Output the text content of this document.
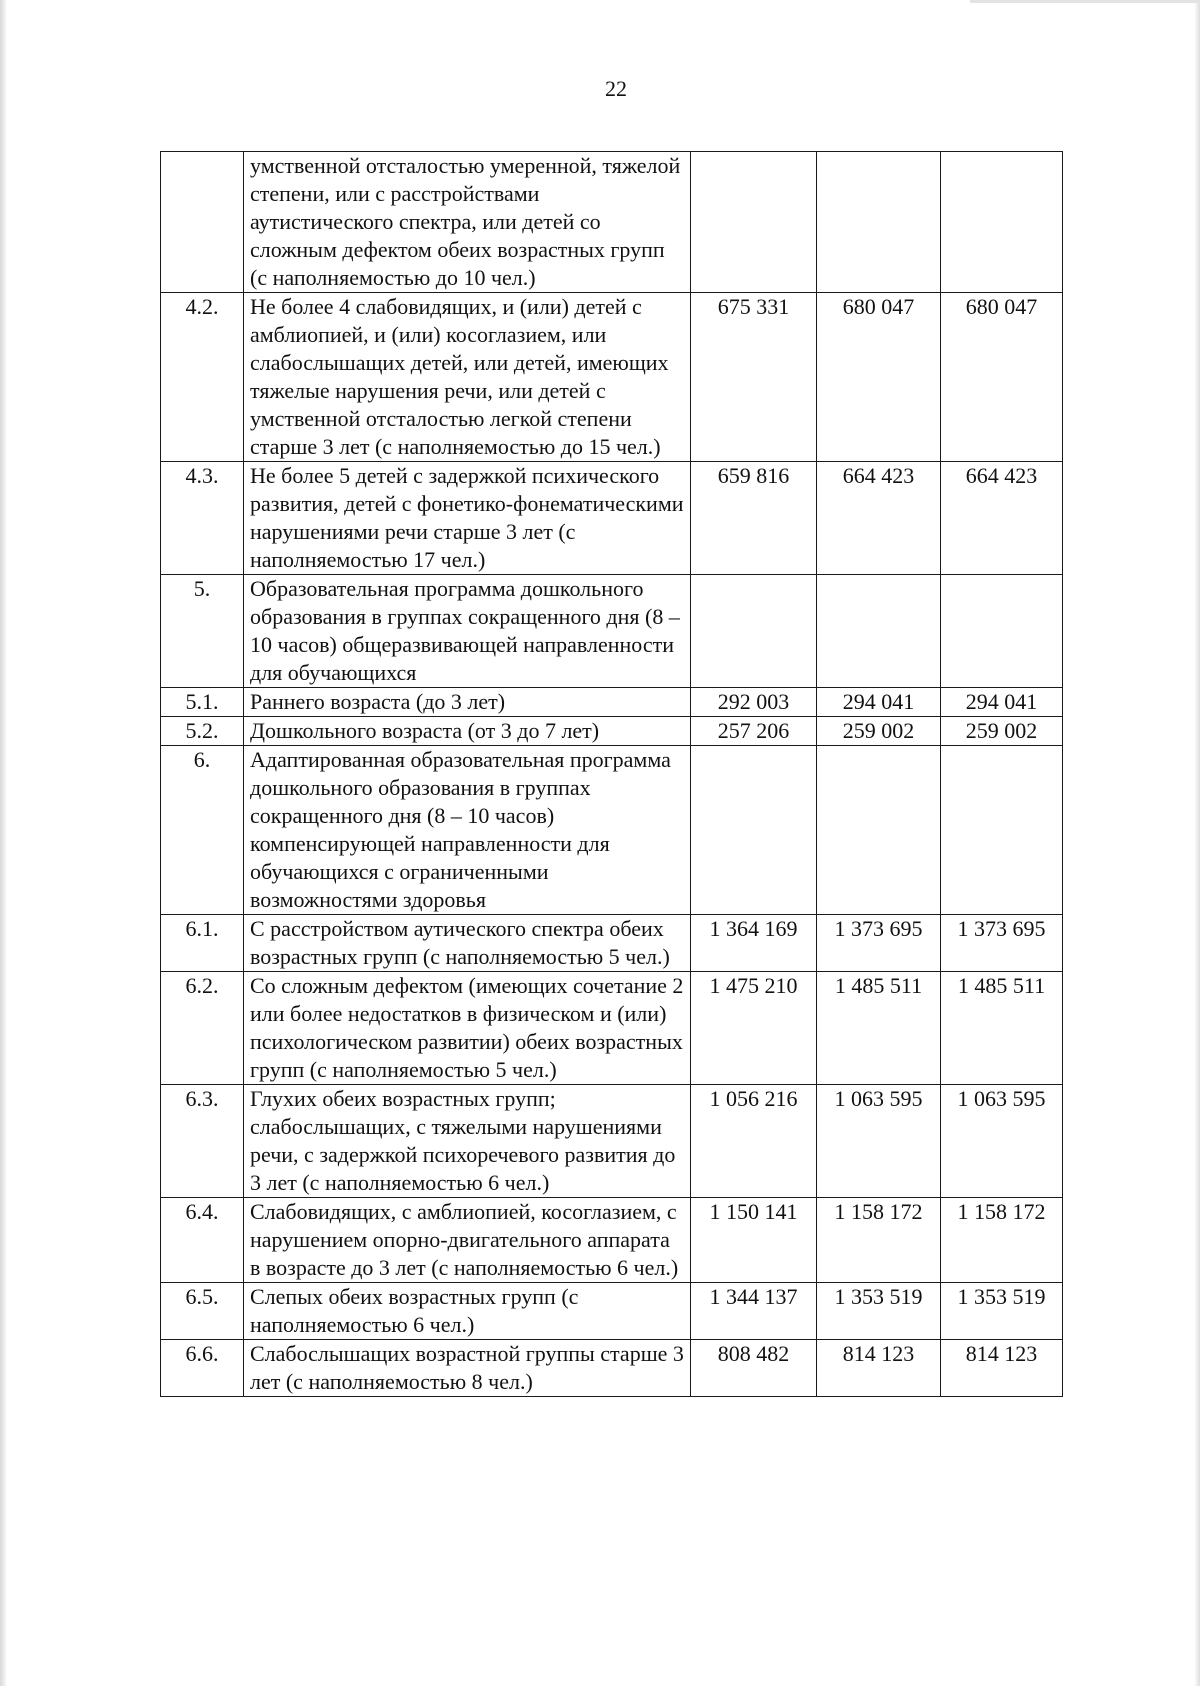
22
	умственной отсталостью умеренной, тяжелой степени, или с расстройствами аутистического спектра, или детей со сложным дефектом обеих возрастных групп (с наполняемостью до 10 чел.)			
4.2.	Не более 4 слабовидящих, и (или) детей с амблиопией, и (или) косоглазием, или слабослышащих детей, или детей, имеющих тяжелые нарушения речи, или детей с умственной отсталостью легкой степени старше 3 лет (с наполняемостью до 15 чел.)	675 331	680 047	680 047
4.3.	Не более 5 детей с задержкой психического развития, детей с фонетико-фонематическими нарушениями речи старше 3 лет (с наполняемостью 17 чел.)	659 816	664 423	664 423
5.	Образовательная программа дошкольного образования в группах сокращенного дня (8 – 10 часов) общеразвивающей направленности для обучающихся			
5.1.	Раннего возраста (до 3 лет)	292 003	294 041	294 041
5.2.	Дошкольного возраста (от 3 до 7 лет)	257 206	259 002	259 002
6.	Адаптированная образовательная программа дошкольного образования в группах сокращенного дня (8 – 10 часов) компенсирующей направленности для обучающихся с ограниченными возможностями здоровья			
6.1.	С расстройством аутического спектра обеих возрастных групп (с наполняемостью 5 чел.)	1 364 169	1 373 695	1 373 695
6.2.	Со сложным дефектом (имеющих сочетание 2 или более недостатков в физическом и (или) психологическом развитии) обеих возрастных групп (с наполняемостью 5 чел.)	1 475 210	1 485 511	1 485 511
6.3.	Глухих обеих возрастных групп; слабослышащих, с тяжелыми нарушениями речи, с задержкой психоречевого развития до 3 лет (с наполняемостью 6 чел.)	1 056 216	1 063 595	1 063 595
6.4.	Слабовидящих, с амблиопией, косоглазием, с нарушением опорно-двигательного аппарата в возрасте до 3 лет (с наполняемостью 6 чел.)	1 150 141	1 158 172	1 158 172
6.5.	Слепых обеих возрастных групп (с наполняемостью 6 чел.)	1 344 137	1 353 519	1 353 519
6.6.	Слабослышащих возрастной группы старше 3 лет (с наполняемостью 8 чел.)	808 482	814 123	814 123
